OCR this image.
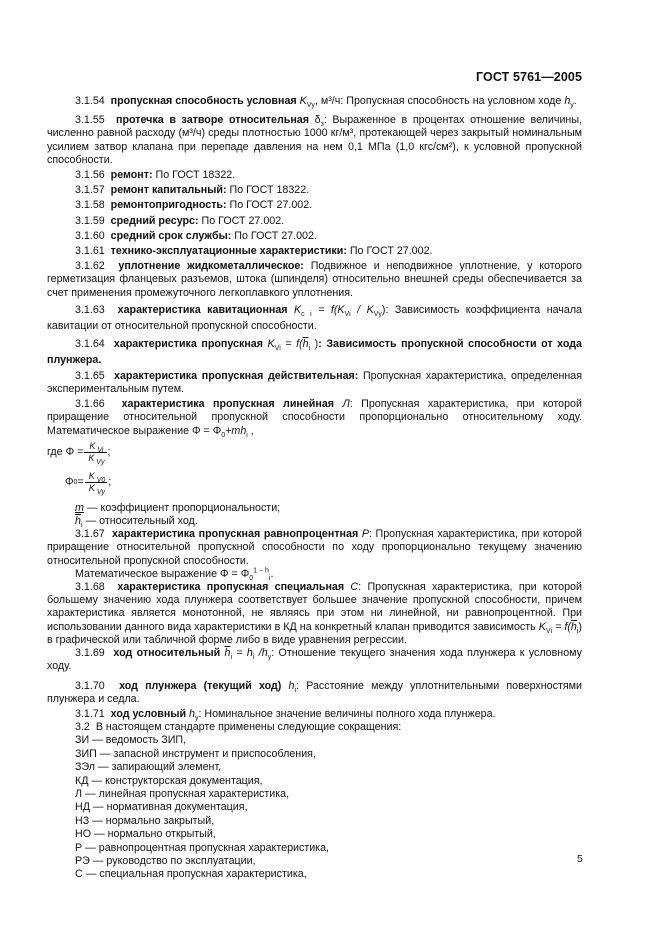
ГОСТ 5761—2005

3.1.54 пропускная способность условная $K_{Vу}$, м³/ч: Пропускная способность на условном ходе $h_у$.

3.1.55 протечка в затворе относительная $\delta_з$: Выраженное в процентах отношение величины, численно равной расходу (м³/ч) среды плотностью 1000 кг/м³, протекающей через закрытый номинальным усилием затвор клапана при перепаде давления на нем 0,1 МПа (1,0 кгс/см²), к условной пропускной способности.

3.1.56 ремонт: По ГОСТ 18322.

3.1.57 ремонт капитальный: По ГОСТ 18322.

3.1.58 ремонтопригодность: По ГОСТ 27.002.

3.1.59 средний ресурс: По ГОСТ 27.002.

3.1.60 средний срок службы: По ГОСТ 27.002.

3.1.61 технико-эксплуатационные характеристики: По ГОСТ 27.002.

3.1.62 уплотнение жидкометаллическое: Подвижное и неподвижное уплотнение, у которого герметизация фланцевых разъемов, штока (шпинделя) относительно внешней среды обеспечивается за счет применения промежуточного легкоплавкого уплотнения.

3.1.63 характеристика кавитационная $K_{c i} = f(K_{Vi} / K_{Vу})$: Зависимость коэффициента начала кавитации от относительной пропускной способности.

3.1.64 характеристика пропускная $K_{Vi} = f(\overline{h}_i$ ): Зависимость пропускной способности от хода плунжера.

3.1.65 характеристика пропускная действительная: Пропускная характеристика, определенная экспериментальным путем.

3.1.66 характеристика пропускная линейная Л: Пропускная характеристика, при которой приращение относительной пропускной способности пропорционально относительному ходу. Математическое выражение $\Phi = \Phi_0+mh_i$ ,

где $\Phi = \frac{K _{Vi}}{K _{Vу}}$ ;
Φ $0 = \frac{K _{V0}}{K _{Vу}}$ ;

m — коэффициент пропорциональности;

$\overline{h}_i$ — относительный ход.

3.1.67 характеристика пропускная равнопроцентная Р: Пропускная характеристика, при которой приращение относительной пропускной способности по ходу пропорционально текущему значению относительной пропускной способности.

Математическое выражение $\Phi = \Phi_0^{1 - h}_i$.

3.1.68 характеристика пропускная специальная С: Пропускная характеристика, при которой большему значению хода плунжера соответствует большее значение пропускной способности, причем характеристика является монотонной, не являясь при этом ни линейной, ни равнопроцентной. При использовании данного вида характеристики в КД на конкретный клапан приводится зависимость $K_{Vi} = f(\overline{h}_i)$ в графической или табличной форме либо в виде уравнения регрессии.

3.1.69 ход относительный $\overline{h}_i = h_i$ $/h_у$: Отношение текущего значения хода плунжера к условному ходу.

3.1.70 ход плунжера (текущий ход) $h_i$: Расстояние между уплотнительными поверхностями плунжера и седла.

3.1.71 ход условный $h_у$: Номинальное значение величины полного хода плунжера.

3.2 В настоящем стандарте применены следующие сокращения:

ЗИ — ведомость ЗИП,
ЗИП — запасной инструмент и приспособления,
ЗЭл — запирающий элемент,
КД — конструкторская документация,
Л — линейная пропускная характеристика,
НД — нормативная документация,
НЗ — нормально закрытый,
НО — нормально открытый,
Р — равнопроцентная пропускная характеристика,
РЭ — руководство по эксплуатации,
С — специальная пропускная характеристика,
5
